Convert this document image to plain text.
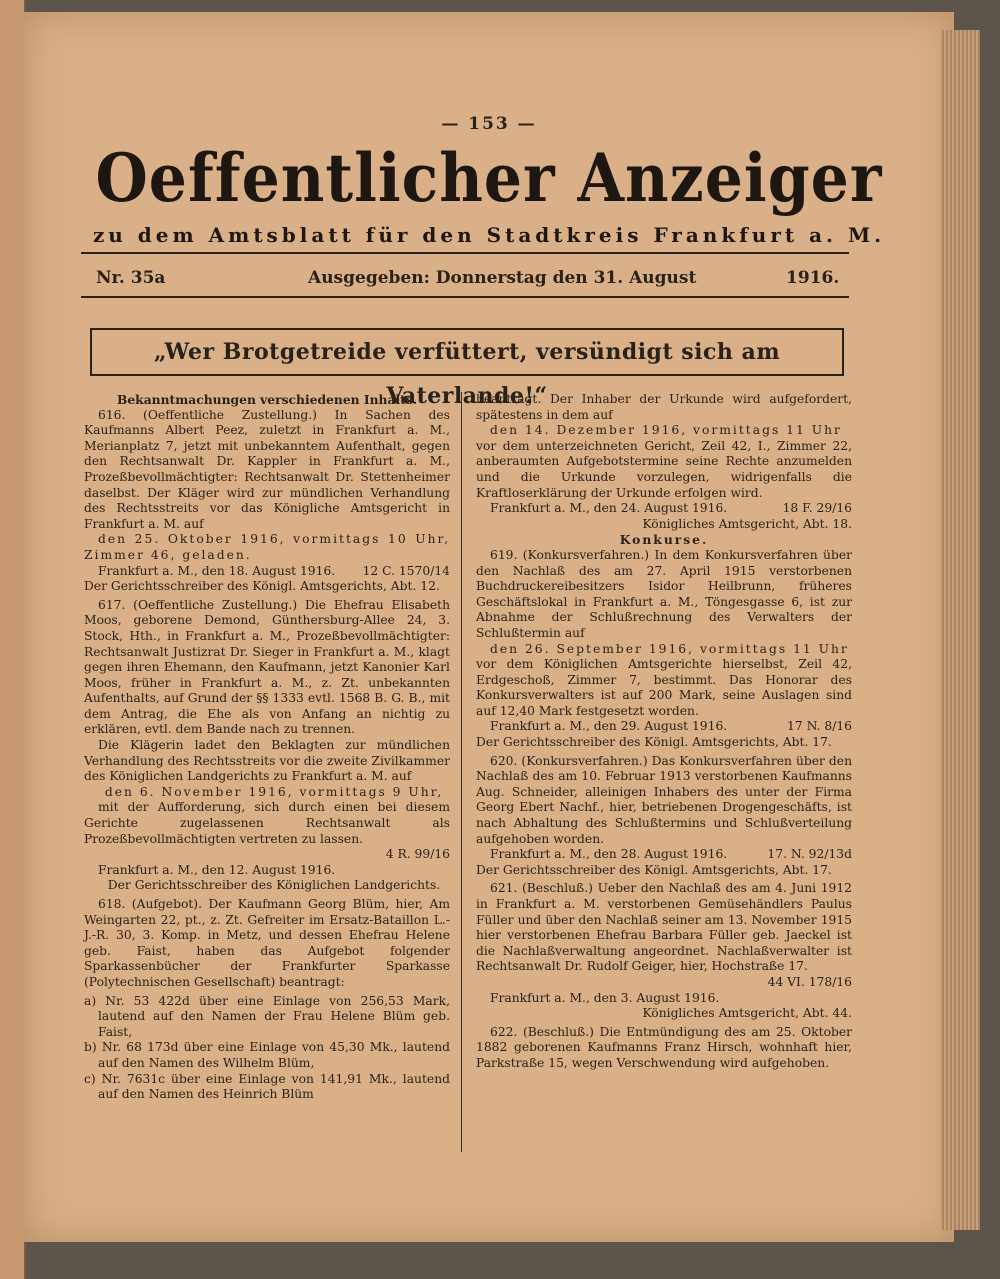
— 153 —
Oeffentlicher Anzeiger
zu dem Amtsblatt für den Stadtkreis Frankfurt a. M.
Nr. 35a	Ausgegeben: Donnerstag den 31. August	1916.
„Wer Brotgetreide verfüttert, versündigt sich am Vaterlande!“

Bekanntmachungen verschiedenen Inhalts.

616. (Oeffentliche Zustellung.) In Sachen des Kaufmanns Albert Peez, zuletzt in Frankfurt a. M., Merianplatz 7, jetzt mit unbekanntem Aufenthalt, gegen den Rechtsanwalt Dr. Kappler in Frankfurt a. M., Prozeßbevollmächtigter: Rechtsanwalt Dr. Stettenheimer daselbst. Der Kläger wird zur mündlichen Verhandlung des Rechtsstreits vor das Königliche Amtsgericht in Frankfurt a. M. auf

den 25. Oktober 1916, vormittags 10 Uhr, Zimmer 46, geladen.

Frankfurt a. M., den 18. August 1916. 12 C. 1570/14

Der Gerichtsschreiber des Königl. Amtsgerichts, Abt. 12.

617. (Oeffentliche Zustellung.) Die Ehefrau Elisabeth Moos, geborene Demond, Günthersburg-Allee 24, 3. Stock, Hth., in Frankfurt a. M., Prozeßbevollmächtigter: Rechtsanwalt Justizrat Dr. Sieger in Frankfurt a. M., klagt gegen ihren Ehemann, den Kaufmann, jetzt Kanonier Karl Moos, früher in Frankfurt a. M., z. Zt. unbekannten Aufenthalts, auf Grund der §§ 1333 evtl. 1568 B. G. B., mit dem Antrag, die Ehe als von Anfang an nichtig zu erklären, evtl. dem Bande nach zu trennen.

Die Klägerin ladet den Beklagten zur mündlichen Verhandlung des Rechtsstreits vor die zweite Zivilkammer des Königlichen Landgerichts zu Frankfurt a. M. auf

den 6. November 1916, vormittags 9 Uhr,

mit der Aufforderung, sich durch einen bei diesem Gerichte zugelassenen Rechtsanwalt als Prozeßbevollmächtigten vertreten zu lassen.

4 R. 99/16

Frankfurt a. M., den 12. August 1916.

Der Gerichtsschreiber des Königlichen Landgerichts.

618. (Aufgebot). Der Kaufmann Georg Blüm, hier, Am Weingarten 22, pt., z. Zt. Gefreiter im Ersatz-Bataillon L.-J.-R. 30, 3. Komp. in Metz, und dessen Ehefrau Helene geb. Faist, haben das Aufgebot folgender Sparkassenbücher der Frankfurter Sparkasse (Polytechnischen Gesellschaft) beantragt:

a) Nr. 53 422d über eine Einlage von 256,53 Mark, lautend auf den Namen der Frau Helene Blüm geb. Faist,

b) Nr. 68 173d über eine Einlage von 45,30 Mk., lautend auf den Namen des Wilhelm Blüm,

c) Nr. 7631c über eine Einlage von 141,91 Mk., lautend auf den Namen des Heinrich Blüm

beantragt. Der Inhaber der Urkunde wird aufgefordert, spätestens in dem auf

den 14. Dezember 1916, vormittags 11 Uhr

vor dem unterzeichneten Gericht, Zeil 42, I., Zimmer 22, anberaumten Aufgebotstermine seine Rechte anzumelden und die Urkunde vorzulegen, widrigenfalls die Kraftloserklärung der Urkunde erfolgen wird.

Frankfurt a. M., den 24. August 1916.	18 F. 29/16

Königliches Amtsgericht, Abt. 18.

Konkurse.

619. (Konkursverfahren.) In dem Konkursverfahren über den Nachlaß des am 27. April 1915 verstorbenen Buchdruckereibesitzers Isidor Heilbrunn, früheres Geschäftslokal in Frankfurt a. M., Töngesgasse 6, ist zur Abnahme der Schlußrechnung des Verwalters der Schlußtermin auf

den 26. September 1916, vormittags 11 Uhr

vor dem Königlichen Amtsgerichte hierselbst, Zeil 42, Erdgeschoß, Zimmer 7, bestimmt. Das Honorar des Konkursverwalters ist auf 200 Mark, seine Auslagen sind auf 12,40 Mark festgesetzt worden.

Frankfurt a. M., den 29. August 1916.	17 N. 8/16

Der Gerichtsschreiber des Königl. Amtsgerichts, Abt. 17.

620. (Konkursverfahren.) Das Konkursverfahren über den Nachlaß des am 10. Februar 1913 verstorbenen Kaufmanns Aug. Schneider, alleinigen Inhabers des unter der Firma Georg Ebert Nachf., hier, betriebenen Drogengeschäfts, ist nach Abhaltung des Schlußtermins und Schlußverteilung aufgehoben worden.

Frankfurt a. M., den 28. August 1916.	17. N. 92/13d

Der Gerichtsschreiber des Königl. Amtsgerichts, Abt. 17.

621. (Beschluß.) Ueber den Nachlaß des am 4. Juni 1912 in Frankfurt a. M. verstorbenen Gemüsehändlers Paulus Füller und über den Nachlaß seiner am 13. November 1915 hier verstorbenen Ehefrau Barbara Füller geb. Jaeckel ist die Nachlaßverwaltung angeordnet. Nachlaßverwalter ist Rechtsanwalt Dr. Rudolf Geiger, hier, Hochstraße 17.

44 VI. 178/16

Frankfurt a. M., den 3. August 1916.

Königliches Amtsgericht, Abt. 44.

622. (Beschluß.) Die Entmündigung des am 25. Oktober 1882 geborenen Kaufmanns Franz Hirsch, wohnhaft hier, Parkstraße 15, wegen Verschwendung wird aufgehoben.
